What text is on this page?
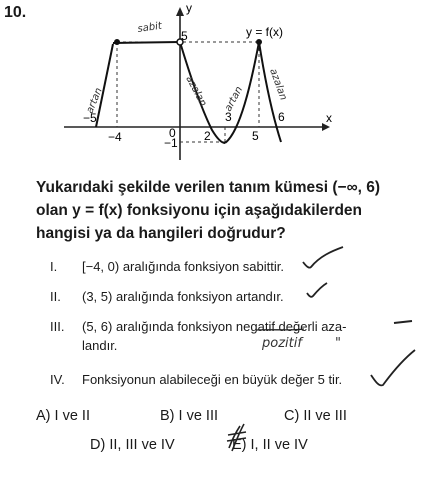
10.	y
x
y = f(x)
5
−1
−5
−4	0 2
3
5
6
artan
sabit
azalan artan azalan
Yukarıdaki şekilde verilen tanım kümesi (−∞, 6)
olan y = f(x) fonksiyonu için aşağıdakilerden
hangisi ya da hangileri doğrudur?
I. [−4, 0) aralığında fonksiyon sabittir.
II. (3, 5) aralığında fonksiyon artandır.
III. (5, 6) aralığında fonksiyon negatif değerli aza-
landır.
IV. Fonksiyonun alabileceği en büyük değer 5 tir.
A) I ve II	B) I ve III	C) II ve III
D) II, III ve IV	E) I, II ve IV
pozitif	"
